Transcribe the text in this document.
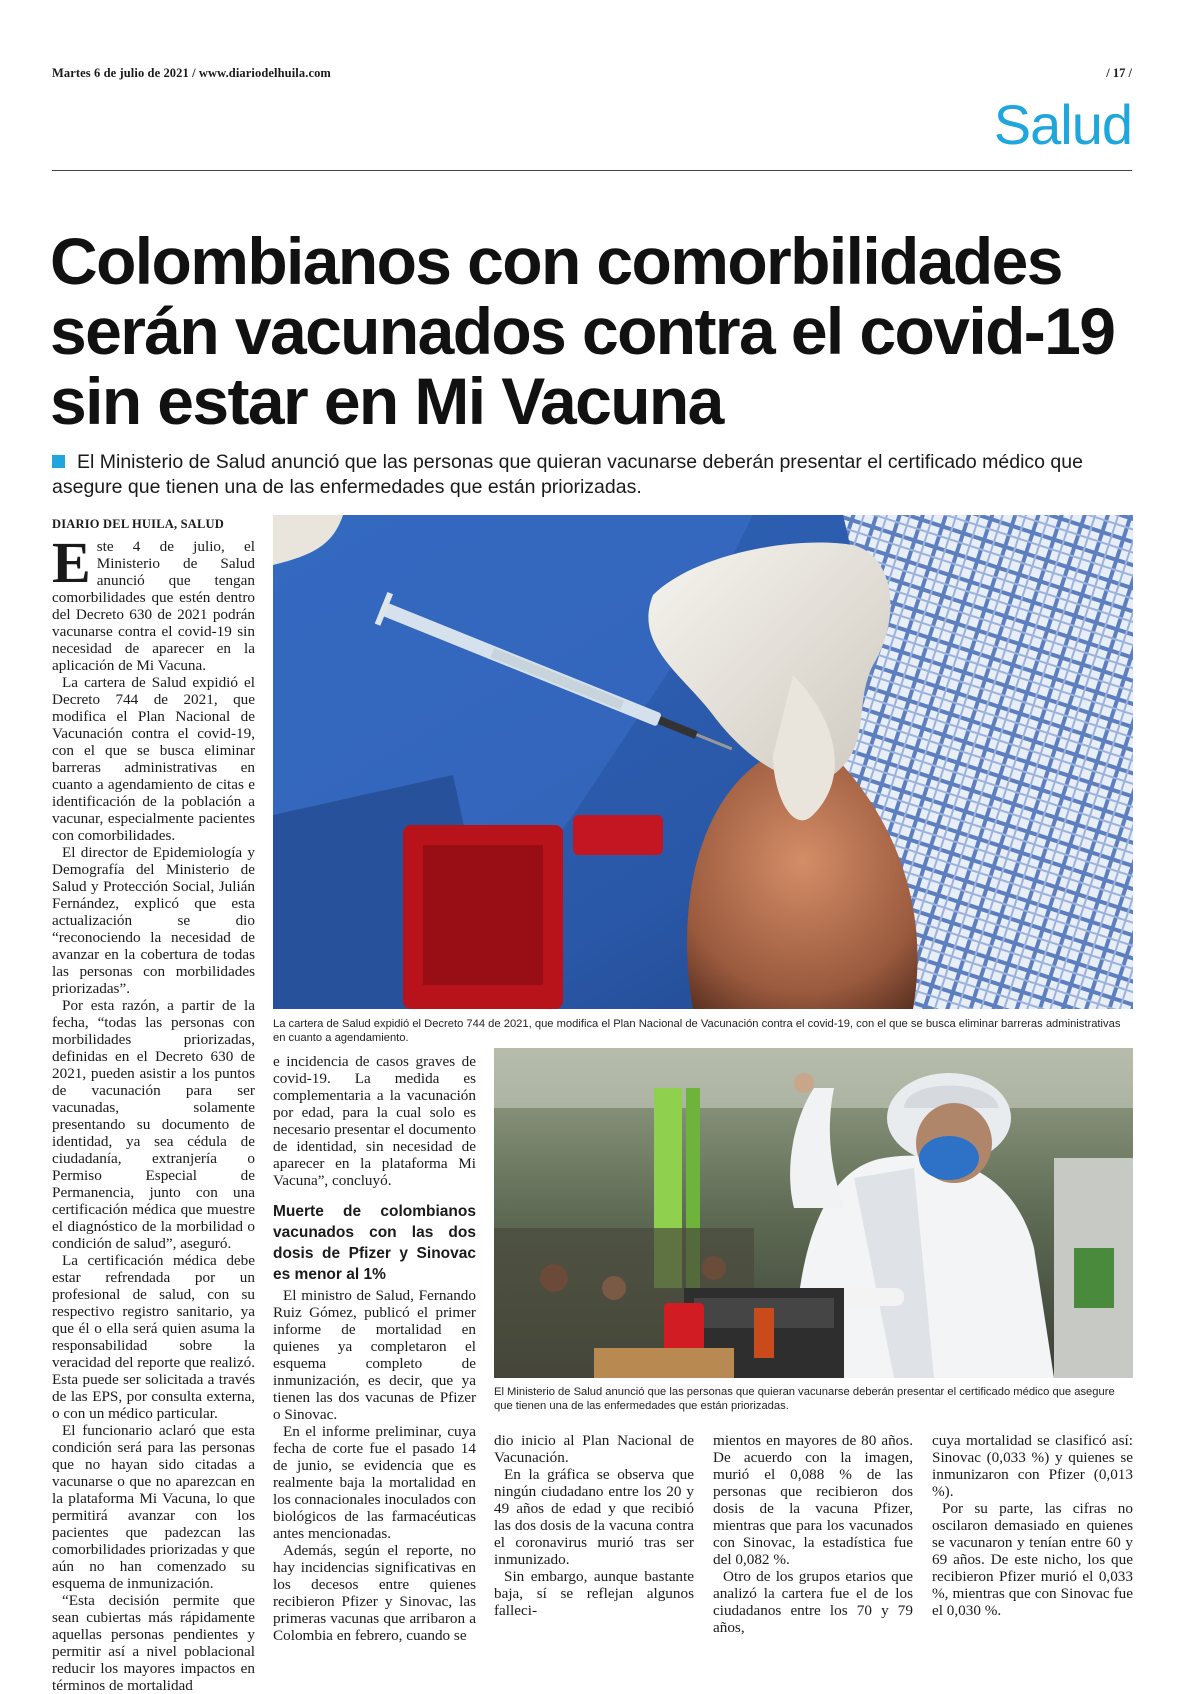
Martes 6 de julio de 2021 / www.diariodelhuila.com	/ 17 /
Salud
Colombianos con comorbilidades serán vacunados contra el covid-19 sin estar en Mi Vacuna
El Ministerio de Salud anunció que las personas que quieran vacunarse deberán presentar el certificado médico que asegure que tienen una de las enfermedades que están priorizadas.
DIARIO DEL HUILA, SALUD

Este 4 de julio, el Ministerio de Salud anunció que tengan comorbilidades que estén dentro del Decreto 630 de 2021 podrán vacunarse contra el covid-19 sin necesidad de aparecer en la aplicación de Mi Vacuna.

La cartera de Salud expidió el Decreto 744 de 2021, que modifica el Plan Nacional de Vacunación contra el covid-19, con el que se busca eliminar barreras administrativas en cuanto a agendamiento de citas e identificación de la población a vacunar, especialmente pacientes con comorbilidades.

El director de Epidemiología y Demografía del Ministerio de Salud y Protección Social, Julián Fernández, explicó que esta actualización se dio “reconociendo la necesidad de avanzar en la cobertura de todas las personas con morbilidades priorizadas”.

Por esta razón, a partir de la fecha, “todas las personas con morbilidades priorizadas, definidas en el Decreto 630 de 2021, pueden asistir a los puntos de vacunación para ser vacunadas, solamente presentando su documento de identidad, ya sea cédula de ciudadanía, extranjería o Permiso Especial de Permanencia, junto con una certificación médica que muestre el diagnóstico de la morbilidad o condición de salud”, aseguró.

La certificación médica debe estar refrendada por un profesional de salud, con su respectivo registro sanitario, ya que él o ella será quien asuma la responsabilidad sobre la veracidad del reporte que realizó. Esta puede ser solicitada a través de las EPS, por consulta externa, o con un médico particular.

El funcionario aclaró que esta condición será para las personas que no hayan sido citadas a vacunarse o que no aparezcan en la plataforma Mi Vacuna, lo que permitirá avanzar con los pacientes que padezcan las comorbilidades priorizadas y que aún no han comenzado su esquema de inmunización.

“Esta decisión permite que sean cubiertas más rápidamente aquellas personas pendientes y permitir así a nivel poblacional reducir los mayores impactos en términos de mortalidad

La cartera de Salud expidió el Decreto 744 de 2021, que modifica el Plan Nacional de Vacunación contra el covid-19, con el que se busca eliminar barreras administrativas en cuanto a agendamiento.

e incidencia de casos graves de covid-19. La medida es complementaria a la vacunación por edad, para la cual solo es necesario presentar el documento de identidad, sin necesidad de aparecer en la plataforma Mi Vacuna”, concluyó.

Muerte de colombianos vacunados con las dos dosis de Pfizer y Sinovac es menor al 1%

El ministro de Salud, Fernando Ruiz Gómez, publicó el primer informe de mortalidad en quienes ya completaron el esquema completo de inmunización, es decir, que ya tienen las dos vacunas de Pfizer o Sinovac.

En el informe preliminar, cuya fecha de corte fue el pasado 14 de junio, se evidencia que es realmente baja la mortalidad en los connacionales inoculados con biológicos de las farmacéuticas antes mencionadas.

Además, según el reporte, no hay incidencias significativas en los decesos entre quienes recibieron Pfizer y Sinovac, las primeras vacunas que arribaron a Colombia en febrero, cuando se

El Ministerio de Salud anunció que las personas que quieran vacunarse deberán presentar el certificado médico que asegure que tienen una de las enfermedades que están priorizadas.

dio inicio al Plan Nacional de Vacunación.

En la gráfica se observa que ningún ciudadano entre los 20 y 49 años de edad y que recibió las dos dosis de la vacuna contra el coronavirus murió tras ser inmunizado.

Sin embargo, aunque bastante baja, sí se reflejan algunos falleci-

mientos en mayores de 80 años. De acuerdo con la imagen, murió el 0,088 % de las personas que recibieron dos dosis de la vacuna Pfizer, mientras que para los vacunados con Sinovac, la estadística fue del 0,082 %.

Otro de los grupos etarios que analizó la cartera fue el de los ciudadanos entre los 70 y 79 años,

cuya mortalidad se clasificó así: Sinovac (0,033 %) y quienes se inmunizaron con Pfizer (0,013 %).

Por su parte, las cifras no oscilaron demasiado en quienes se vacunaron y tenían entre 60 y 69 años. De este nicho, los que recibieron Pfizer murió el 0,033 %, mientras que con Sinovac fue el 0,030 %.
